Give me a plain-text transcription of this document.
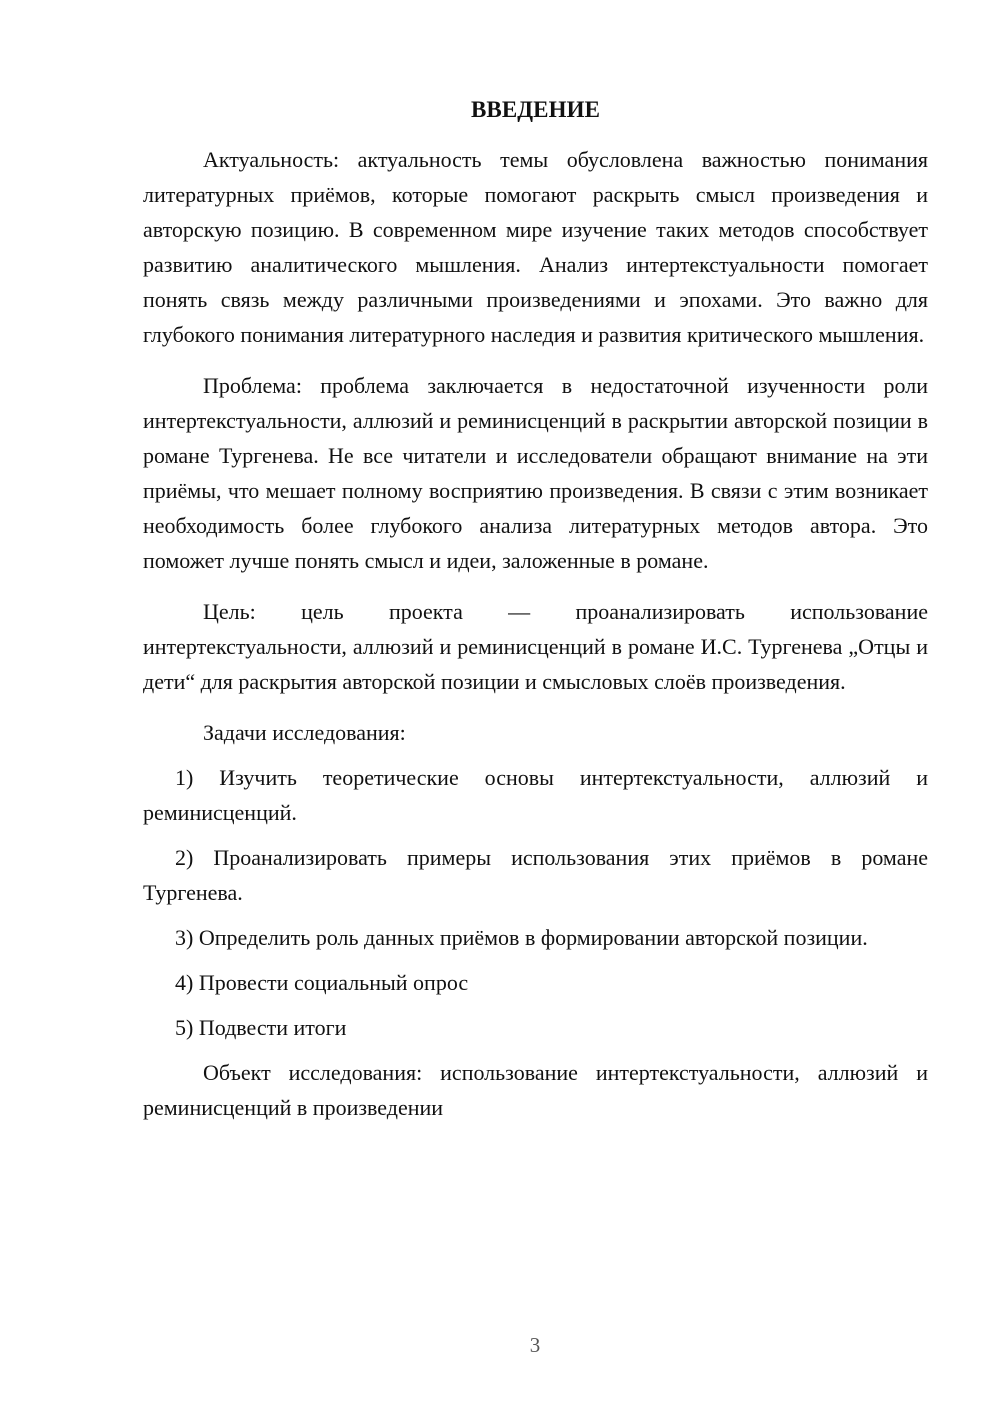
ВВЕДЕНИЕ

Актуальность: актуальность темы обусловлена важностью понимания литературных приёмов, которые помогают раскрыть смысл произведения и авторскую позицию. В современном мире изучение таких методов способствует развитию аналитического мышления. Анализ интертекстуальности помогает понять связь между различными произведениями и эпохами. Это важно для глубокого понимания литературного наследия и развития критического мышления.

Проблема: проблема заключается в недостаточной изученности роли интертекстуальности, аллюзий и реминисценций в раскрытии авторской позиции в романе Тургенева. Не все читатели и исследователи обращают внимание на эти приёмы, что мешает полному восприятию произведения. В связи с этим возникает необходимость более глубокого анализа литературных методов автора. Это поможет лучше понять смысл и идеи, заложенные в романе.

Цель: цель проекта — проанализировать использование интертекстуальности, аллюзий и реминисценций в романе И.С. Тургенева „Отцы и дети“ для раскрытия авторской позиции и смысловых слоёв произведения.

Задачи исследования:

1) Изучить теоретические основы интертекстуальности, аллюзий и реминисценций.

2) Проанализировать примеры использования этих приёмов в романе Тургенева.

3) Определить роль данных приёмов в формировании авторской позиции.

4) Провести социальный опрос

5) Подвести итоги

Объект исследования: использование интертекстуальности, аллюзий и реминисценций в произведении

3
